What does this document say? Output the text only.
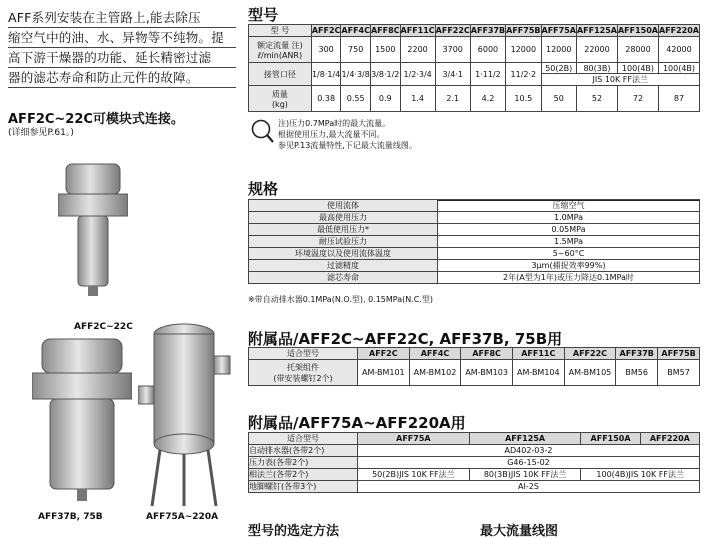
AFF系列安装在主管路上,能去除压
缩空气中的油、水、异物等不纯物。提
高下游干燥器的功能、延长精密过滤
器的滤芯寿命和防止元件的故障。
AFF2C~22C可模块式连接。
(详细参见P.61。)
AFF2C~22C
AFF37B, 75B	AFF75A~220A
型号
型 号	AFF2C	AFF4C	AFF8C	AFF11C	AFF22C	AFF37B	AFF75B	AFF75A	AFF125A	AFF150A	AFF220A

额定流量 注)
ℓ/min(ANR)	300	750	1500	2200	3700	6000	12000	12000	22000	28000	42000
接管口径	1/8·1/4	1/4·3/8	3/8·1/2	1/2·3/4	3/4·1	1·11/2	11/2·2	50(2B)	80(3B)	100(4B)	100(4B)
								JIS 10K FF法兰			

质量
(kg)	0.38	0.55	0.9	1.4	2.1	4.2	10.5	50	52	72	87
注)压力0.7MPa时的最大流量。
根据使用压力,最大流量不同。
参见P.13流量特性,下记最大流量线图。
规格
使用流体	压缩空气
最高使用压力	1.0MPa
最低使用压力*	0.05MPa
耐压试验压力	1.5MPa
环境温度以及使用流体温度	5~60°C
过滤精度	3μm(捕捉效率99%)
滤芯寿命	2年(A型为1年)或压力降达0.1MPa时
※带自动排水器0.1MPa(N.O.型), 0.15MPa(N.C.型)
附属品/AFF2C~AFF22C, AFF37B, 75B用
适合型号	AFF2C	AFF4C	AFF8C	AFF11C	AFF22C	AFF37B	AFF75B

托架组件
(带安装螺钉2个)	AM-BM101	AM-BM102	AM-BM103	AM-BM104	AM-BM105	BM56	BM57
附属品/AFF75A~AFF220A用
适合型号	AFF75A	AFF125A	AFF150A	AFF220A
自动排水器(各带2个)	AD402-03-2			
压力表(各带2个)	G46-15-02			
相法兰(各带2个)	50(2B)JIS 10K FF法兰	80(3B)JIS 10K FF法兰	100(4B)JIS 10K FF法兰	
地脚螺钉(各带3个)	AI-2S			
型号的选定方法	最大流量线图
